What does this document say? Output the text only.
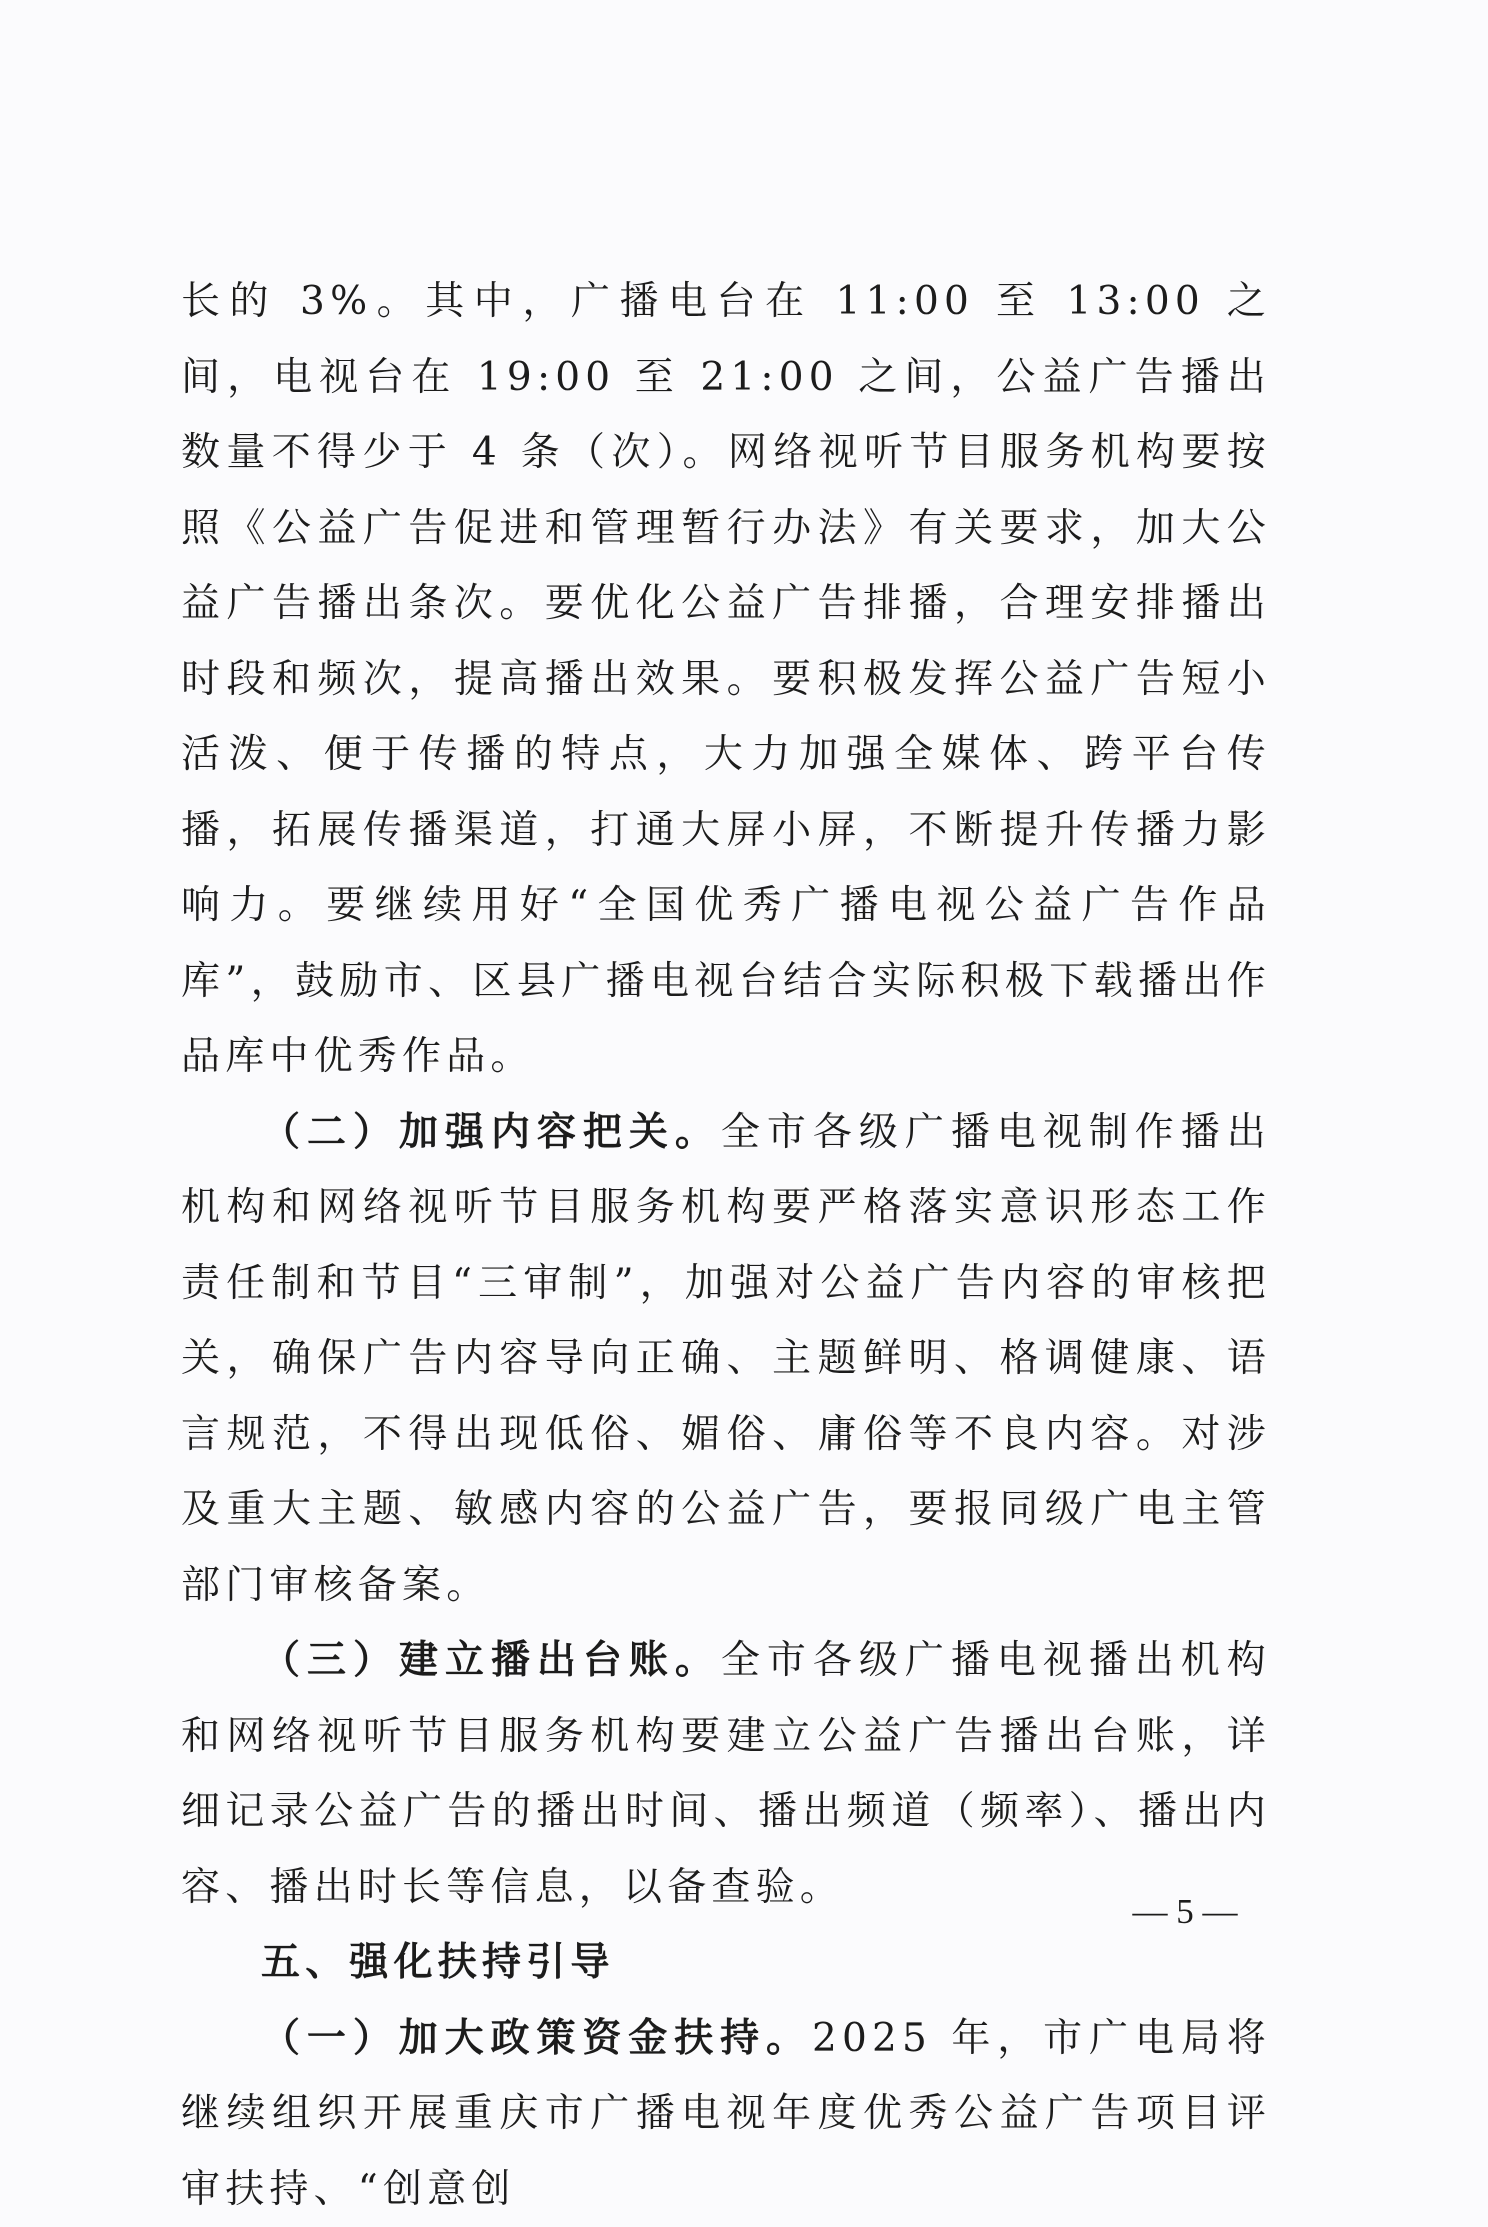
长的 3%。其中，广播电台在 11:00 至 13:00 之间，电视台在 19:00 至 21:00 之间，公益广告播出数量不得少于 4 条（次）。网络视听节目服务机构要按照《公益广告促进和管理暂行办法》有关要求，加大公益广告播出条次。要优化公益广告排播，合理安排播出时段和频次，提高播出效果。要积极发挥公益广告短小活泼、便于传播的特点，大力加强全媒体、跨平台传播，拓展传播渠道，打通大屏小屏，不断提升传播力影响力。要继续用好“全国优秀广播电视公益广告作品库”，鼓励市、区县广播电视台结合实际积极下载播出作品库中优秀作品。

（二）加强内容把关。全市各级广播电视制作播出机构和网络视听节目服务机构要严格落实意识形态工作责任制和节目“三审制”，加强对公益广告内容的审核把关，确保广告内容导向正确、主题鲜明、格调健康、语言规范，不得出现低俗、媚俗、庸俗等不良内容。对涉及重大主题、敏感内容的公益广告，要报同级广电主管部门审核备案。

（三）建立播出台账。全市各级广播电视播出机构和网络视听节目服务机构要建立公益广告播出台账，详细记录公益广告的播出时间、播出频道（频率）、播出内容、播出时长等信息，以备查验。

五、强化扶持引导

（一）加大政策资金扶持。2025 年，市广电局将继续组织开展重庆市广播电视年度优秀公益广告项目评审扶持、“创意创

— 5 —
